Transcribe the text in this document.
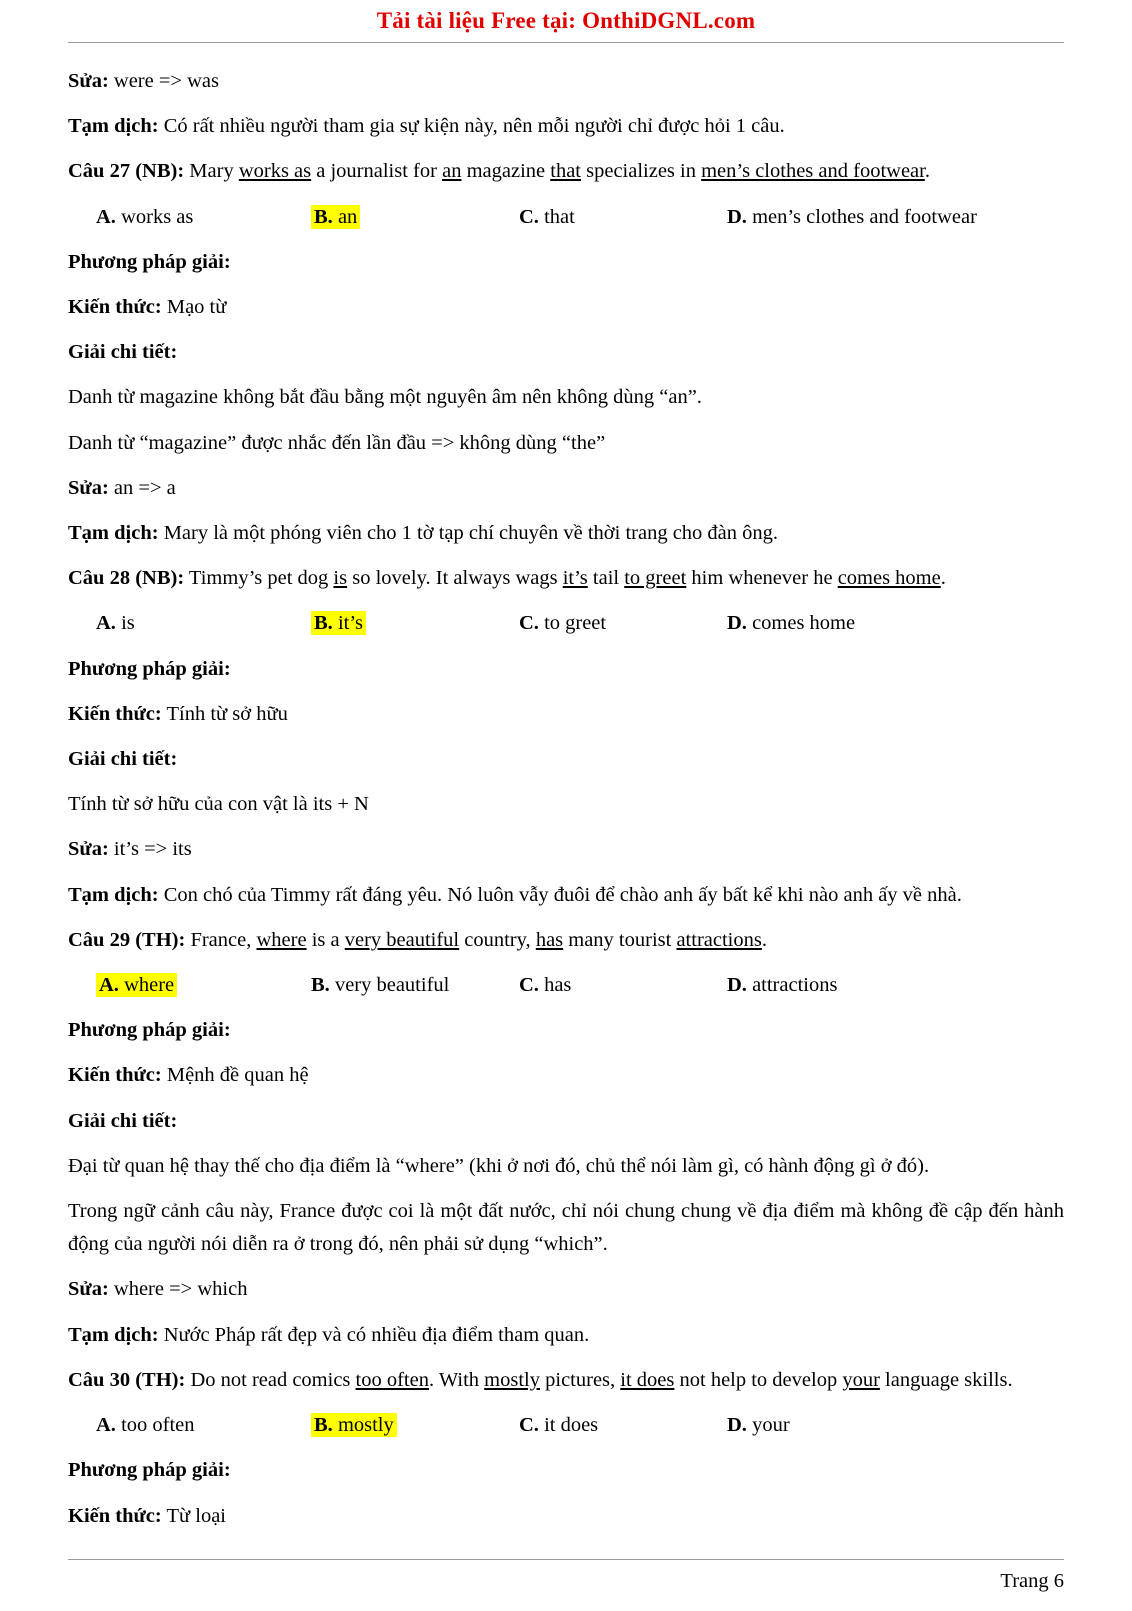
Tải tài liệu Free tại: OnthiDGNL.com

Sửa: were => was

Tạm dịch: Có rất nhiều người tham gia sự kiện này, nên mỗi người chỉ được hỏi 1 câu.

Câu 27 (NB): Mary works as a journalist for an magazine that specializes in men’s clothes and footwear.

A. works as	B. an	C. that	D. men’s clothes and footwear

Phương pháp giải:

Kiến thức: Mạo từ

Giải chi tiết:

Danh từ magazine không bắt đầu bằng một nguyên âm nên không dùng “an”.

Danh từ “magazine” được nhắc đến lần đầu => không dùng “the”

Sửa: an => a

Tạm dịch: Mary là một phóng viên cho 1 tờ tạp chí chuyên về thời trang cho đàn ông.

Câu 28 (NB): Timmy’s pet dog is so lovely. It always wags it’s tail to greet him whenever he comes home.

A. is	B. it’s	C. to greet	D. comes home

Phương pháp giải:

Kiến thức: Tính từ sở hữu

Giải chi tiết:

Tính từ sở hữu của con vật là its + N

Sửa: it’s => its

Tạm dịch: Con chó của Timmy rất đáng yêu. Nó luôn vẫy đuôi để chào anh ấy bất kể khi nào anh ấy về nhà.

Câu 29 (TH): France, where is a very beautiful country, has many tourist attractions.

A. where	B. very beautiful	C. has	D. attractions

Phương pháp giải:

Kiến thức: Mệnh đề quan hệ

Giải chi tiết:

Đại từ quan hệ thay thế cho địa điểm là “where” (khi ở nơi đó, chủ thể nói làm gì, có hành động gì ở đó).

Trong ngữ cảnh câu này, France được coi là một đất nước, chỉ nói chung chung về địa điểm mà không đề cập đến hành động của người nói diễn ra ở trong đó, nên phải sử dụng “which”.

Sửa: where => which

Tạm dịch: Nước Pháp rất đẹp và có nhiều địa điểm tham quan.

Câu 30 (TH): Do not read comics too often. With mostly pictures, it does not help to develop your language skills.

A. too often	B. mostly	C. it does	D. your

Phương pháp giải:

Kiến thức: Từ loại

Trang 6
